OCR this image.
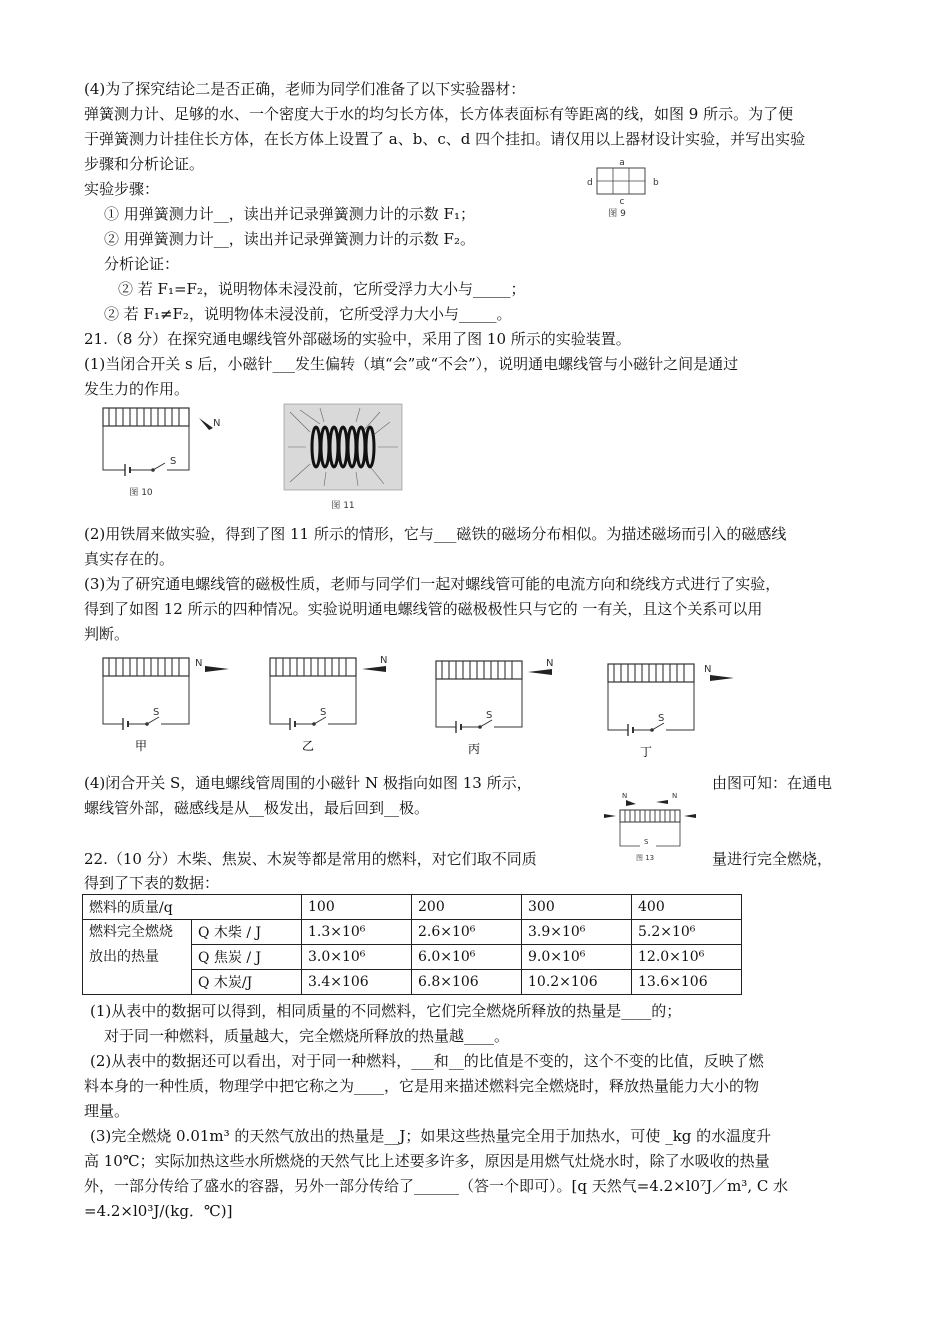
(4)为了探究结论二是否正确，老师为同学们准备了以下实验器材：
弹簧测力计、足够的水、一个密度大于水的均匀长方体，长方体表面标有等距离的线，如图 9 所示。为了便
于弹簧测力计挂住长方体，在长方体上设置了 a、b、c、d 四个挂扣。请仅用以上器材设计实验，并写出实验
步骤和分析论证。
实验步骤：
① 用弹簧测力计__，读出并记录弹簧测力计的示数 F₁；
② 用弹簧测力计__，读出并记录弹簧测力计的示数 F₂。
分析论证：
② 若 F₁=F₂，说明物体未浸没前，它所受浮力大小与_____；
② 若 F₁≠F₂，说明物体未浸没前，它所受浮力大小与_____。
a
b
c
d
图 9
21.（8 分）在探究通电螺线管外部磁场的实验中，采用了图 10 所示的实验装置。
(1)当闭合开关 s 后，小磁针___发生偏转（填“会”或“不会”），说明通电螺线管与小磁针之间是通过
发生力的作用。
N
S
图 10
图 11
(2)用铁屑来做实验，得到了图 11 所示的情形，它与___磁铁的磁场分布相似。为描述磁场而引入的磁感线
真实存在的。
(3)为了研究通电螺线管的磁极性质，老师与同学们一起对螺线管可能的电流方向和绕线方式进行了实验，
得到了如图 12 所示的四种情况。实验说明通电螺线管的磁极极性只与它的 一有关，且这个关系可以用
判断。
N
S
甲
N
S
乙
N
S
丙
N
S
丁
(4)闭合开关 S，通电螺线管周围的小磁针 N 极指向如图 13 所示，	由图可知：在通电
螺线管外部，磁感线是从__极发出，最后回到__极。
N	N
S
图 13
22.（10 分）木柴、焦炭、木炭等都是常用的燃料，对它们取不同质	量进行完全燃烧，
得到了下表的数据：
燃料的质量/q		100	200	300	400
燃料完全燃烧放出的热量	Q 木柴 / J	1.3×10⁶	2.6×10⁶	3.9×10⁶	5.2×10⁶
	Q 焦炭 / J	3.0×10⁶	6.0×10⁶	9.0×10⁶	12.0×10⁶
	Q 木炭/J	3.4×106	6.8×106	10.2×106	13.6×106
(1)从表中的数据可以得到，相同质量的不同燃料，它们完全燃烧所释放的热量是____的；
对于同一种燃料，质量越大，完全燃烧所释放的热量越____。
(2)从表中的数据还可以看出，对于同一种燃料，___和__的比值是不变的，这个不变的比值，反映了燃
料本身的一种性质，物理学中把它称之为____，它是用来描述燃料完全燃烧时，释放热量能力大小的物
理量。
(3)完全燃烧 0.01m³ 的天然气放出的热量是__J；如果这些热量完全用于加热水，可使 _kg 的水温度升
高 10℃；实际加热这些水所燃烧的天然气比上述要多许多，原因是用燃气灶烧水时，除了水吸收的热量
外，一部分传给了盛水的容器，另外一部分传给了______（答一个即可）。[q 天然气=4.2×l0⁷J／m³, C 水
=4.2×l0³J/(kg．℃)]
